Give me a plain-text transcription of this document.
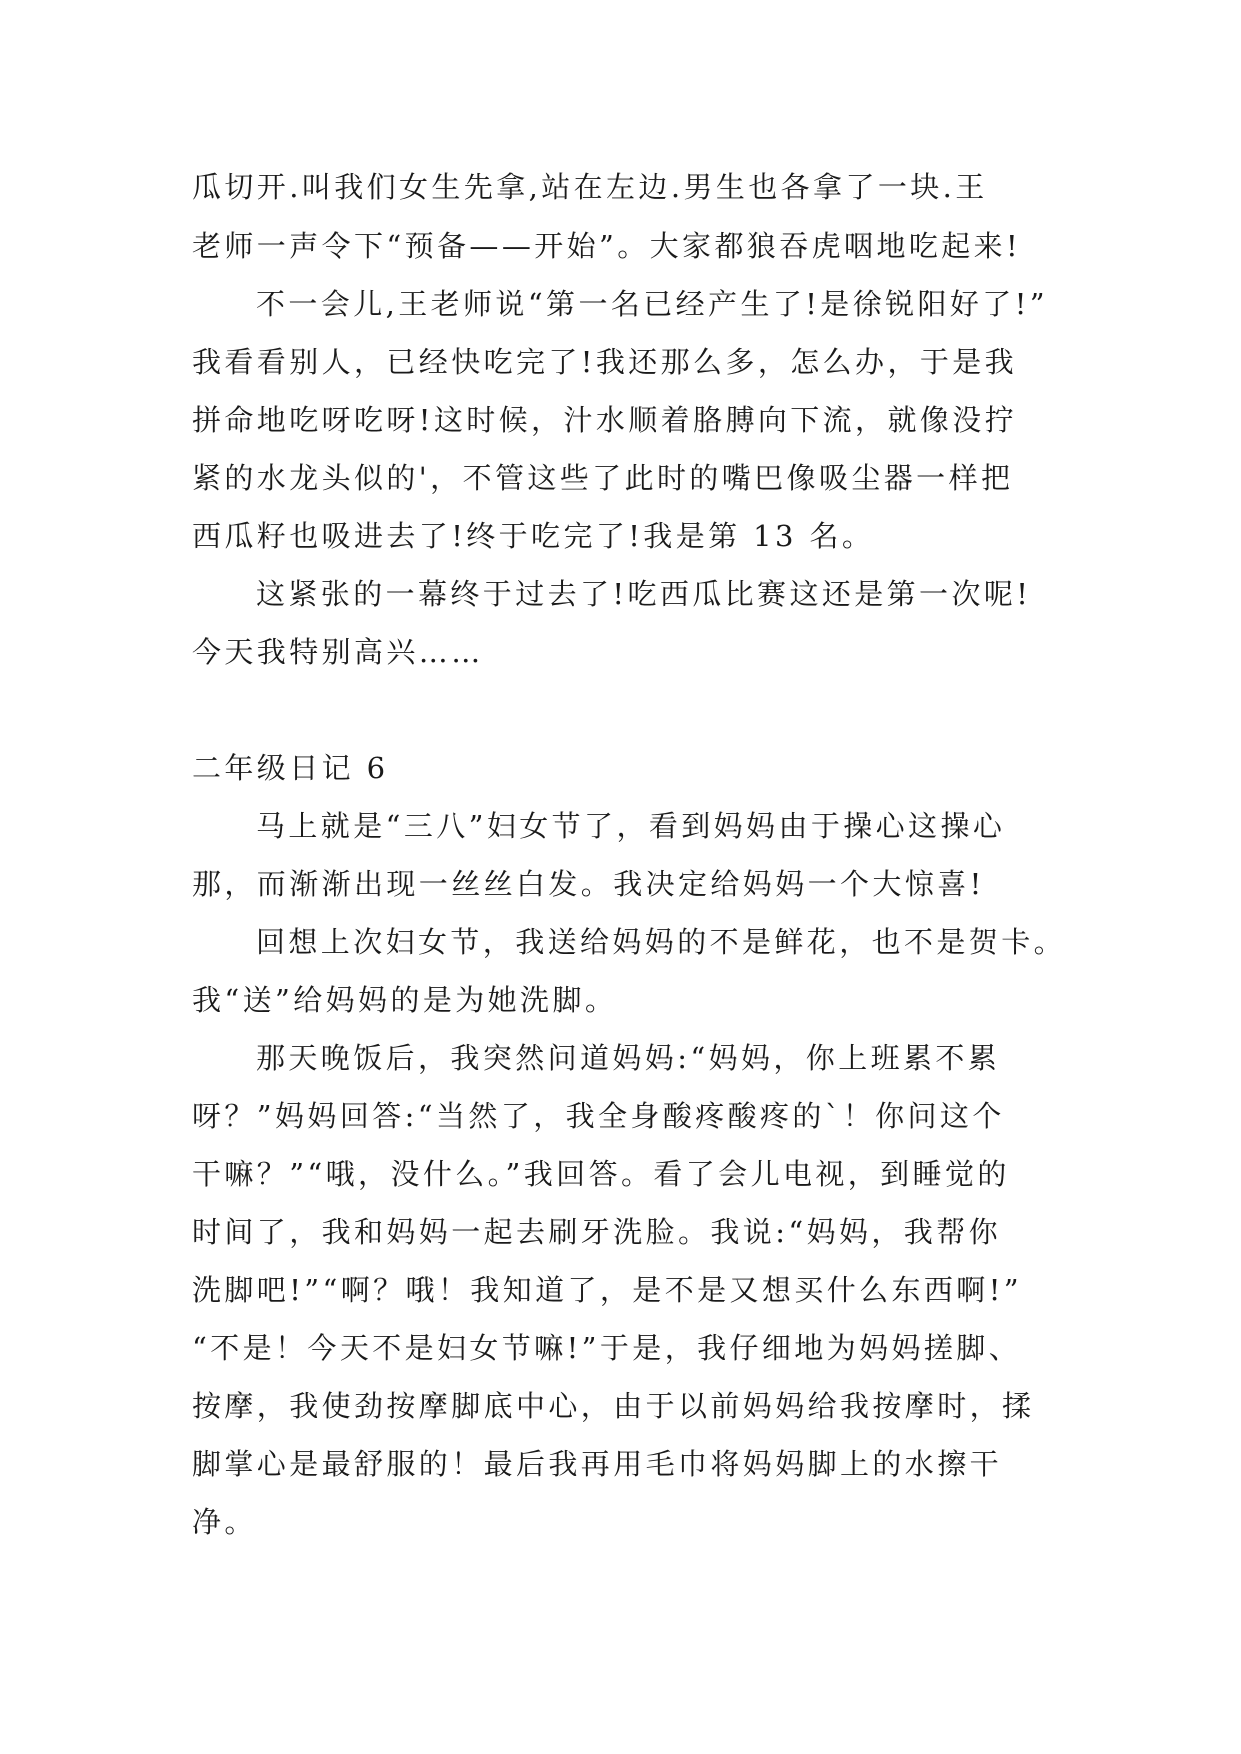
瓜切开.叫我们女生先拿,站在左边.男生也各拿了一块.王
老师一声令下“预备——开始”。大家都狼吞虎咽地吃起来!
不一会儿,王老师说“第一名已经产生了!是徐锐阳好了!”
我看看别人，已经快吃完了!我还那么多，怎么办，于是我
拼命地吃呀吃呀!这时候，汁水顺着胳膊向下流，就像没拧
紧的水龙头似的'，不管这些了此时的嘴巴像吸尘器一样把
西瓜籽也吸进去了!终于吃完了!我是第 13 名。
这紧张的一幕终于过去了!吃西瓜比赛这还是第一次呢!
今天我特别高兴……
二年级日记 6
马上就是“三八”妇女节了，看到妈妈由于操心这操心
那，而渐渐出现一丝丝白发。我决定给妈妈一个大惊喜!
回想上次妇女节，我送给妈妈的不是鲜花，也不是贺卡。
我“送”给妈妈的是为她洗脚。
那天晚饭后，我突然问道妈妈:“妈妈，你上班累不累
呀？”妈妈回答:“当然了，我全身酸疼酸疼的`！你问这个
干嘛？”“哦，没什么。”我回答。看了会儿电视，到睡觉的
时间了，我和妈妈一起去刷牙洗脸。我说:“妈妈，我帮你
洗脚吧!”“啊？哦！我知道了，是不是又想买什么东西啊!”
“不是！今天不是妇女节嘛!”于是，我仔细地为妈妈搓脚、
按摩，我使劲按摩脚底中心，由于以前妈妈给我按摩时，揉
脚掌心是最舒服的！最后我再用毛巾将妈妈脚上的水擦干
净。
